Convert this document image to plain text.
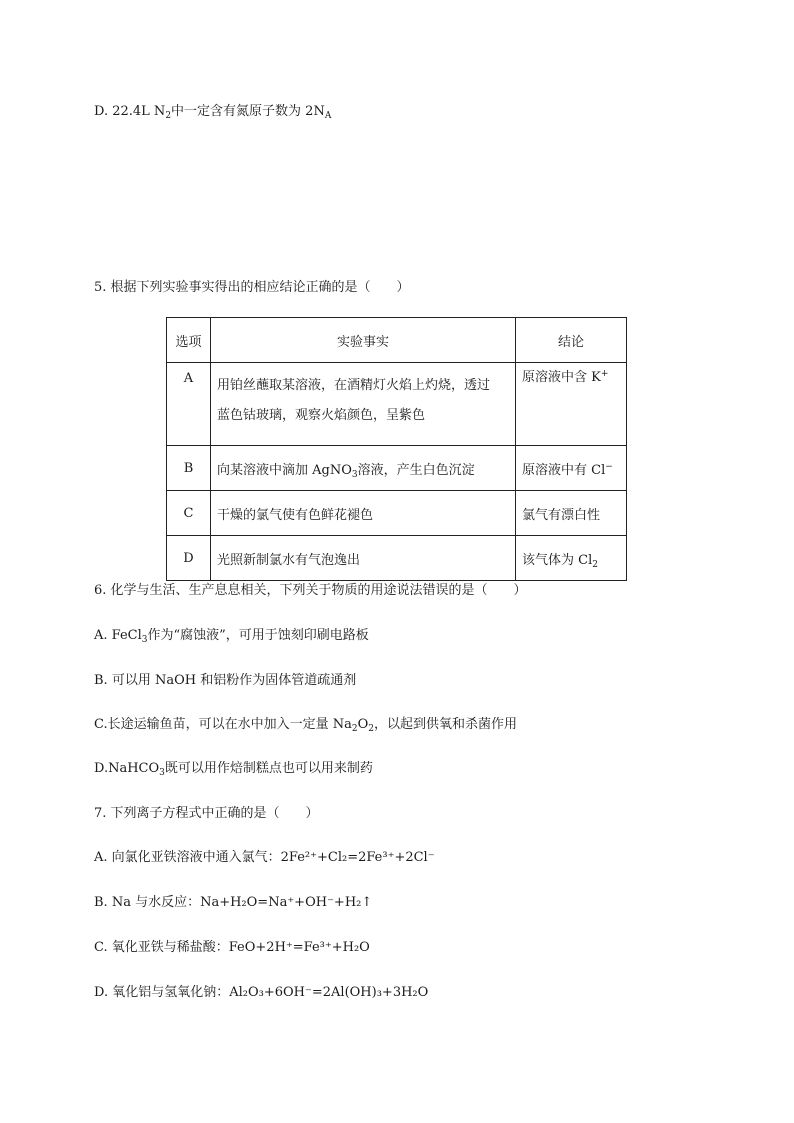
D. 22.4L $N_2$中一定含有氮原子数为 $2N_A$
5. 根据下列实验事实得出的相应结论正确的是（　　）
选项	实验事实	结论
A	用铂丝蘸取某溶液，在酒精灯火焰上灼烧，透过
蓝色钴玻璃，观察火焰颜色，呈紫色	原溶液中含 K+

B	向某溶液中滴加 AgNO$_3$溶液，产生白色沉淀	原溶液中有 Cl−
C	干燥的氯气使有色鲜花褪色	氯气有漂白性
D	光照新制氯水有气泡逸出	该气体为 $Cl_2$
6. 化学与生活、生产息息相关，下列关于物质的用途说法错误的是（　　）
A. FeCl$_3$作为“腐蚀液”，可用于蚀刻印刷电路板
B. 可以用 NaOH 和铝粉作为固体管道疏通剂
C.长途运输鱼苗，可以在水中加入一定量 $Na_2O_2$，以起到供氧和杀菌作用
D.NaHCO$_3$既可以用作焙制糕点也可以用来制药
7. 下列离子方程式中正确的是（　　）
A. 向氯化亚铁溶液中通入氯气：2Fe²⁺+Cl₂=2Fe³⁺+2Cl⁻
B. Na 与水反应：Na+H₂O=Na⁺+OH⁻+H₂↑
C. 氧化亚铁与稀盐酸：FeO+2H⁺=Fe³⁺+H₂O
D. 氧化铝与氢氧化钠：Al₂O₃+6OH⁻=2Al(OH)₃+3H₂O
